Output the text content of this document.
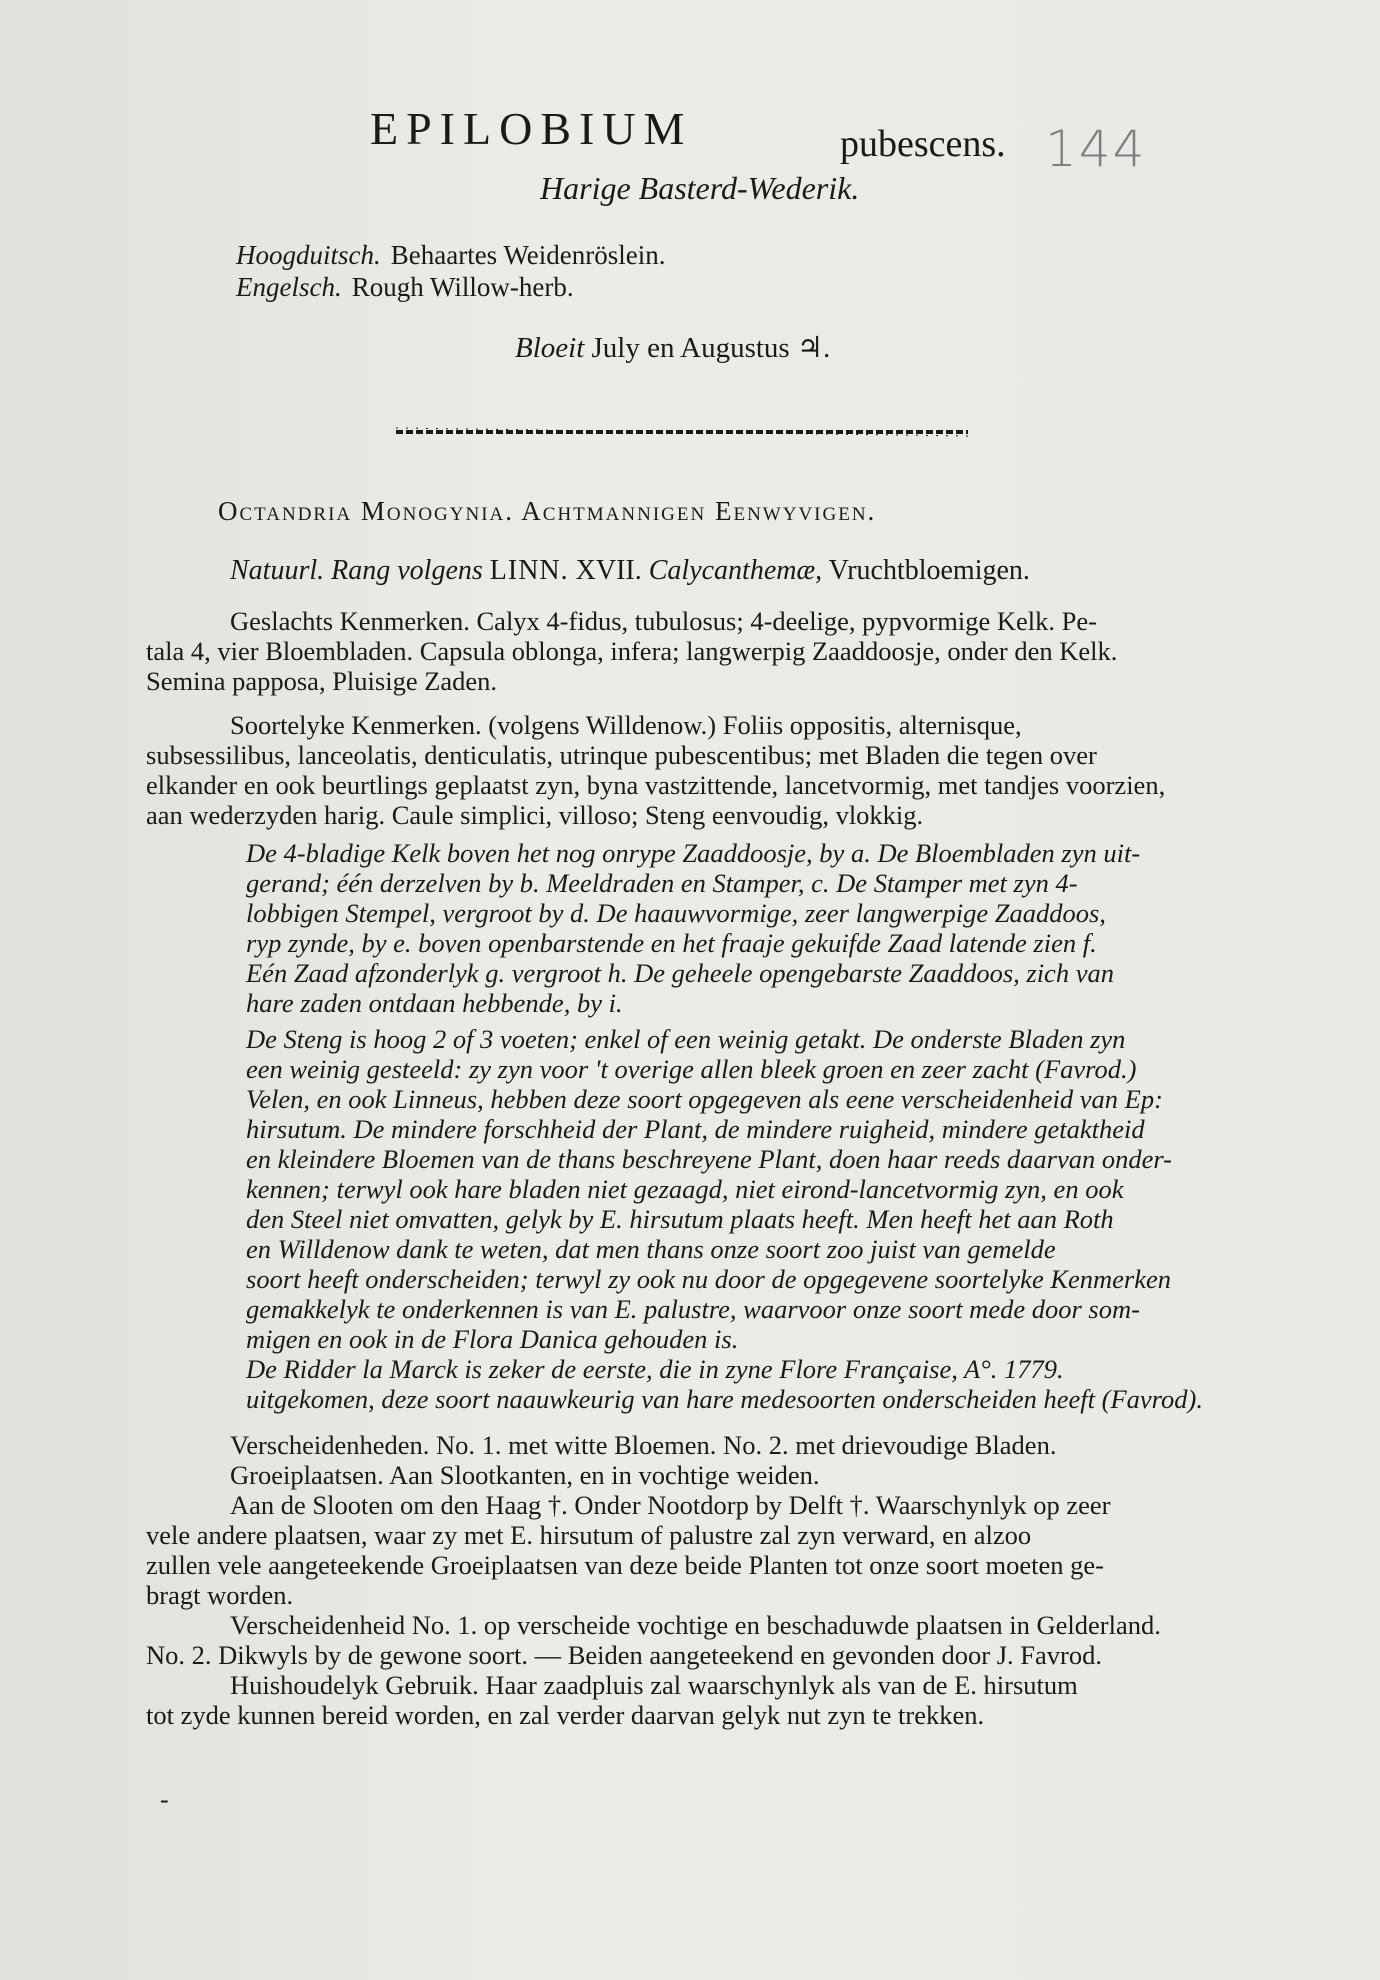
EPILOBIUM	pubescens. 144
Harige Basterd-Wederik.
Hoogduitsch. Behaartes Weidenröslein.
Engelsch. Rough Willow-herb.
Bloeit July en Augustus ♃.
Octandria Monogynia. Achtmannigen Eenwyvigen.
Natuurl. Rang volgens LINN. XVII. Calycanthemæ, Vruchtbloemigen.

Geslachts Kenmerken. Calyx 4-fidus, tubulosus; 4-deelige, pypvormige Kelk. Pe-

tala 4, vier Bloembladen. Capsula oblonga, infera; langwerpig Zaaddoosje, onder den Kelk.

Semina papposa, Pluisige Zaden.

Soortelyke Kenmerken. (volgens Willdenow.) Foliis oppositis, alternisque,

subsessilibus, lanceolatis, denticulatis, utrinque pubescentibus; met Bladen die tegen over

elkander en ook beurtlings geplaatst zyn, byna vastzittende, lancetvormig, met tandjes voorzien,

aan wederzyden harig. Caule simplici, villoso; Steng eenvoudig, vlokkig.

De 4-bladige Kelk boven het nog onrype Zaaddoosje, by a. De Bloembladen zyn uit-

gerand; één derzelven by b. Meeldraden en Stamper, c. De Stamper met zyn 4-

lobbigen Stempel, vergroot by d. De haauwvormige, zeer langwerpige Zaaddoos,

ryp zynde, by e. boven openbarstende en het fraaje gekuifde Zaad latende zien f.

Eén Zaad afzonderlyk g. vergroot h. De geheele opengebarste Zaaddoos, zich van

hare zaden ontdaan hebbende, by i.

De Steng is hoog 2 of 3 voeten; enkel of een weinig getakt. De onderste Bladen zyn

een weinig gesteeld: zy zyn voor 't overige allen bleek groen en zeer zacht (Favrod.)

Velen, en ook Linneus, hebben deze soort opgegeven als eene verscheidenheid van Ep:

hirsutum. De mindere forschheid der Plant, de mindere ruigheid, mindere getaktheid

en kleindere Bloemen van de thans beschreyene Plant, doen haar reeds daarvan onder-

kennen; terwyl ook hare bladen niet gezaagd, niet eirond-lancetvormig zyn, en ook

den Steel niet omvatten, gelyk by E. hirsutum plaats heeft. Men heeft het aan Roth

en Willdenow dank te weten, dat men thans onze soort zoo juist van gemelde

soort heeft onderscheiden; terwyl zy ook nu door de opgegevene soortelyke Kenmerken

gemakkelyk te onderkennen is van E. palustre, waarvoor onze soort mede door som-

migen en ook in de Flora Danica gehouden is.

De Ridder la Marck is zeker de eerste, die in zyne Flore Française, A°. 1779.

uitgekomen, deze soort naauwkeurig van hare medesoorten onderscheiden heeft (Favrod).

Verscheidenheden. No. 1. met witte Bloemen. No. 2. met drievoudige Bladen.

Groeiplaatsen. Aan Slootkanten, en in vochtige weiden.

Aan de Slooten om den Haag †. Onder Nootdorp by Delft †. Waarschynlyk op zeer

vele andere plaatsen, waar zy met E. hirsutum of palustre zal zyn verward, en alzoo

zullen vele aangeteekende Groeiplaatsen van deze beide Planten tot onze soort moeten ge-

bragt worden.

Verscheidenheid No. 1. op verscheide vochtige en beschaduwde plaatsen in Gelderland.

No. 2. Dikwyls by de gewone soort. — Beiden aangeteekend en gevonden door J. Favrod.

Huishoudelyk Gebruik. Haar zaadpluis zal waarschynlyk als van de E. hirsutum

tot zyde kunnen bereid worden, en zal verder daarvan gelyk nut zyn te trekken.

-
